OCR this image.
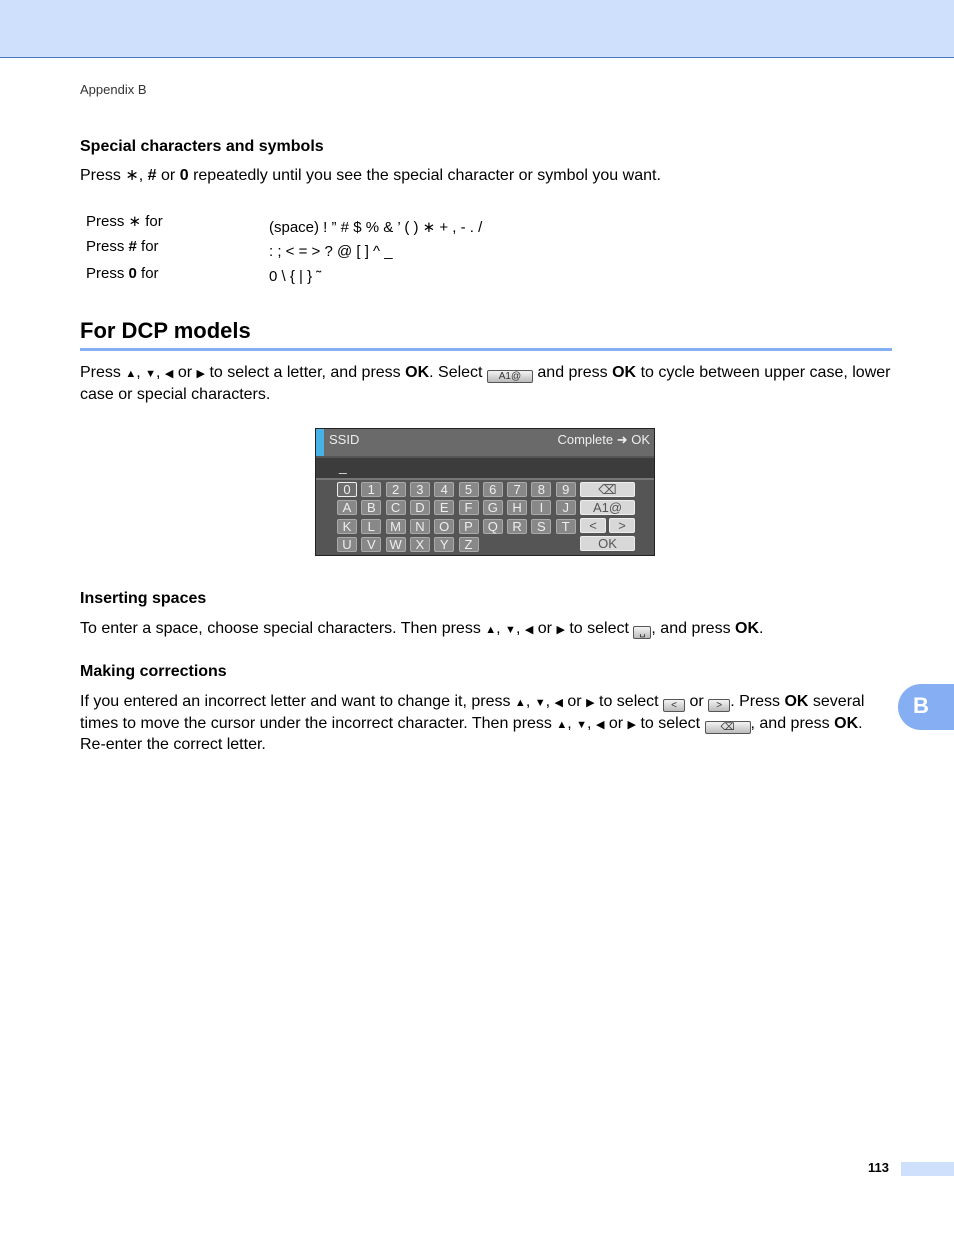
Appendix B
Special characters and symbols
Press ∗, # or 0 repeatedly until you see the special character or symbol you want.
Press ∗ for	(space) ! ” # $ % & ’ ( ) ∗ + , - . /
Press # for	: ; < = > ? @ [ ] ^ _
Press 0 for	0 \ { | } ˜
For DCP models
Press ▲, ▼, ◀ or ▶ to select a letter, and press OK. Select A1@ and press OK to cycle between upper case, lower case or special characters.
SSID	Complete ➜ OK
_
0	1	2	3	4	5	6	7	8	9
A	B	C	D	E	F	G	H	I	J
K	L	M	N	O	P	Q	R	S	T
U	V	W	X	Y	Z
⌫
A1@
<	>
OK
Inserting spaces
To enter a space, choose special characters. Then press ▲, ▼, ◀ or ▶ to select ␣ , and press OK.
Making corrections
If you entered an incorrect letter and want to change it, press ▲, ▼, ◀ or ▶ to select < or > . Press OK several times to move the cursor under the incorrect character. Then press ▲, ▼, ◀ or ▶ to select ⌫ , and press OK. Re-enter the correct letter.
B
113
